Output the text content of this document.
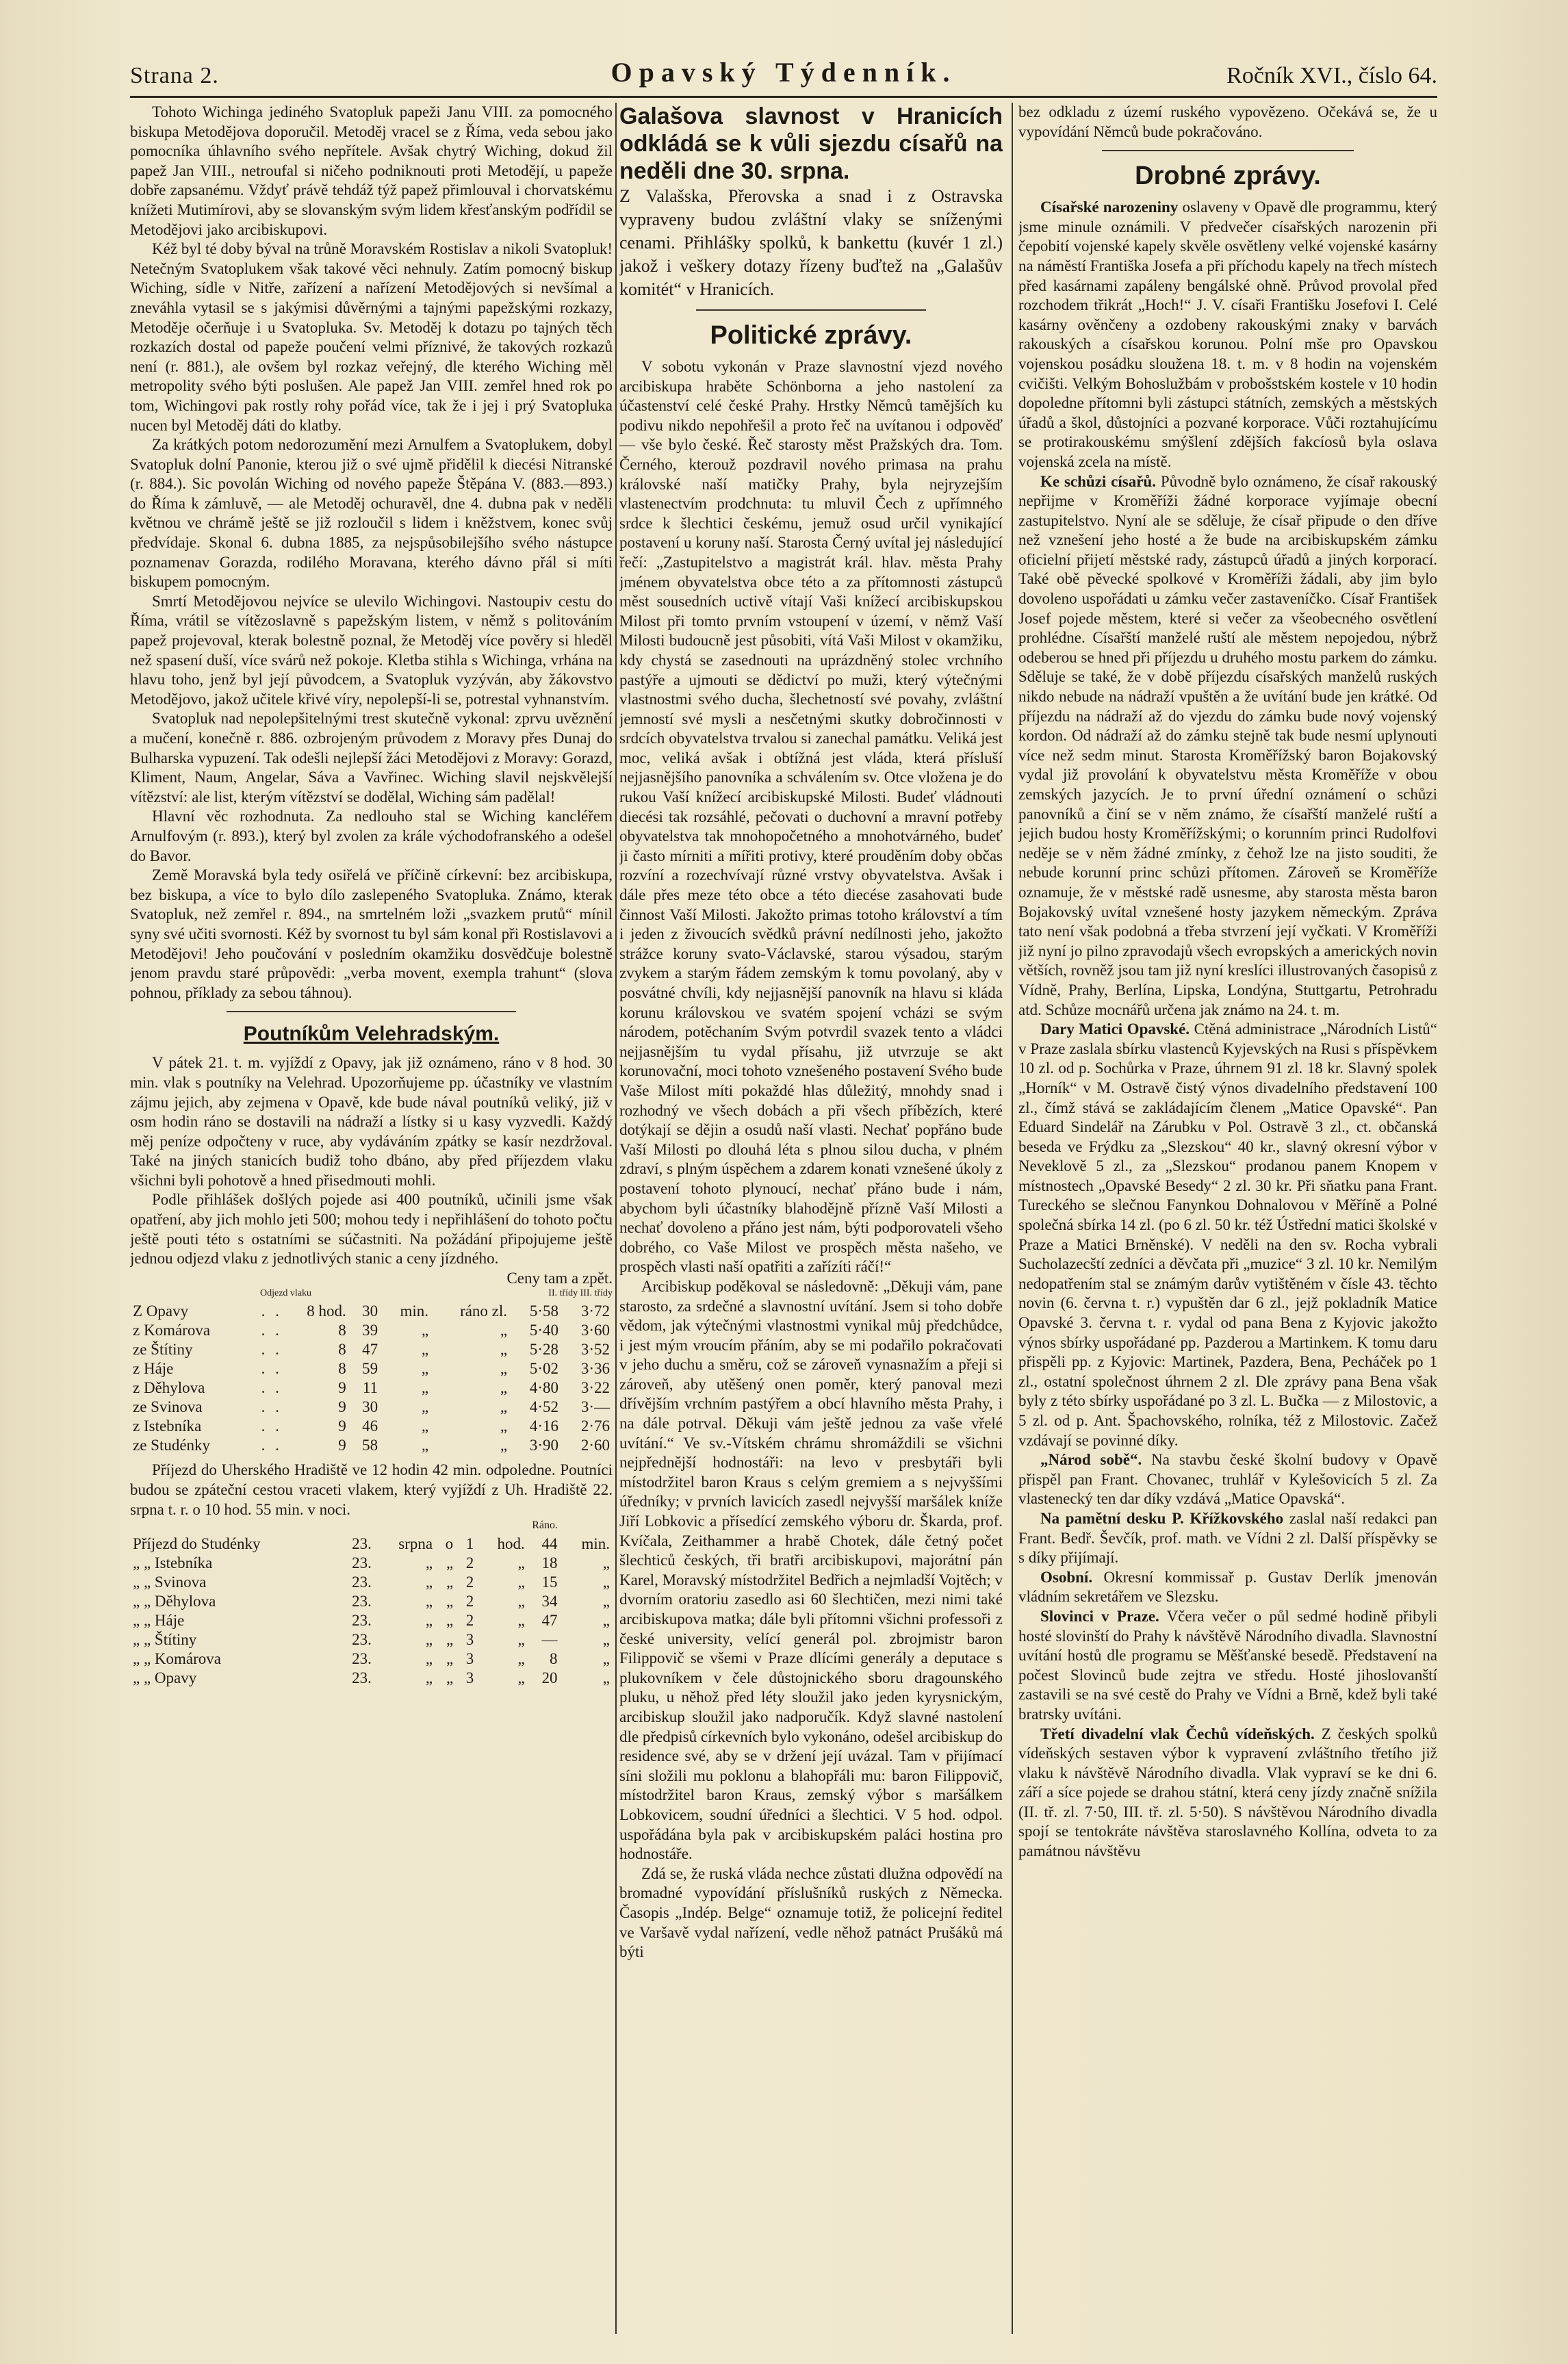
Strana 2.	Opavský Týdenník.	Ročník XVI., číslo 64.

Tohoto Wichinga jediného Svatopluk papeži Janu VIII. za pomocného biskupa Metodějova doporučil. Metoděj vracel se z Říma, veda sebou jako pomocníka úhlavního svého nepřítele. Avšak chytrý Wiching, dokud žil papež Jan VIII., netroufal si ničeho podniknouti proti Metodějí, u papeže dobře zapsanému. Vždyť právě tehdáž týž papež přimlouval i chorvatskému knížeti Mutimírovi, aby se slovanským svým lidem křesťanským podřídil se Metodějovi jako arcibiskupovi.

Kéž byl té doby býval na trůně Moravském Rostislav a nikoli Svatopluk! Netečným Svatoplukem však takové věci nehnuly. Zatím pomocný biskup Wiching, sídle v Nitře, zařízení a nařízení Metodějových si nevšímal a zneváhla vytasil se s jakýmisi důvěrnými a tajnými papežskými rozkazy, Metoděje očerňuje i u Svatopluka. Sv. Metoděj k dotazu po tajných těch rozkazích dostal od papeže poučení velmi příznivé, že takových rozkazů není (r. 881.), ale ovšem byl rozkaz veřejný, dle kterého Wiching měl metropolity svého býti poslušen. Ale papež Jan VIII. zemřel hned rok po tom, Wichingovi pak rostly rohy pořád více, tak že i jej i prý Svatopluka nucen byl Metoděj dáti do klatby.

Za krátkých potom nedorozumění mezi Arnulfem a Svatoplukem, dobyl Svatopluk dolní Panonie, kterou již o své ujmě přidělil k diecési Nitranské (r. 884.). Sic povolán Wiching od nového papeže Štěpána V. (883.—893.) do Říma k zámluvě, — ale Metoděj ochuravěl, dne 4. dubna pak v neděli květnou ve chrámě ještě se již rozloučil s lidem i kněžstvem, konec svůj předvídaje. Skonal 6. dubna 1885, za nejspůsobilejšího svého nástupce poznamenav Gorazda, rodilého Moravana, kterého dávno přál si míti biskupem pomocným.

Smrtí Metodějovou nejvíce se ulevilo Wichingovi. Nastoupiv cestu do Říma, vrátil se vítězoslavně s papežským listem, v němž s politováním papež projevoval, kterak bolestně poznal, že Metoděj více pověry si hleděl než spasení duší, více svárů než pokoje. Kletba stihla s Wichinga, vrhána na hlavu toho, jenž byl její původcem, a Svatopluk vyzýván, aby žákovstvo Metodějovo, jakož učitele křivé víry, nepolepší-li se, potrestal vyhnanstvím.

Svatopluk nad nepolepšitelnými trest skutečně vykonal: zprvu uvěznění a mučení, konečně r. 886. ozbrojeným průvodem z Moravy přes Dunaj do Bulharska vypuzení. Tak odešli nejlepší žáci Metodějovi z Moravy: Gorazd, Kliment, Naum, Angelar, Sáva a Vavřinec. Wiching slavil nejskvělejší vítězství: ale list, kterým vítězství se dodělal, Wiching sám padělal!

Hlavní věc rozhodnuta. Za nedlouho stal se Wiching kancléřem Arnulfovým (r. 893.), který byl zvolen za krále východofranského a odešel do Bavor.

Země Moravská byla tedy osiřelá ve příčině církevní: bez arcibiskupa, bez biskupa, a více to bylo dílo zaslepeného Svatopluka. Známo, kterak Svatopluk, než zemřel r. 894., na smrtelném loži „svazkem prutů“ mínil syny své učiti svornosti. Kéž by svornost tu byl sám konal při Rostislavovi a Metodějovi! Jeho poučování v posledním okamžiku dosvědčuje bolestně jenom pravdu staré průpovědi: „verba movent, exempla trahunt“ (slova pohnou, příklady za sebou táhnou).

Poutníkům Velehradským.

V pátek 21. t. m. vyjíždí z Opavy, jak již oznámeno, ráno v 8 hod. 30 min. vlak s poutníky na Velehrad. Upozorňujeme pp. účastníky ve vlastním zájmu jejich, aby zejmena v Opavě, kde bude nával poutníků veliký, již v osm hodin ráno se dostavili na nádraží a lístky si u kasy vyzvedli. Každý měj peníze odpočteny v ruce, aby vydáváním zpátky se kasír nezdržoval. Také na jiných stanicích budiž toho dbáno, aby před příjezdem vlaku všichni byli pohotově a hned přisedmouti mohli.

Podle přihlášek došlých pojede asi 400 poutníků, učinili jsme však opatření, aby jich mohlo jeti 500; mohou tedy i nepřihlášení do tohoto počtu ještě pouti této s ostatními se súčastniti. Na požádání připojujeme ještě jednou odjezd vlaku z jednotlivých stanic a ceny jízdného.

Ceny tam a zpět.
Odjezd vlaku	II. třídy III. třídy
Z Opavy	.	.	8 hod.	30	min.	ráno zl.	5·58	3·72
z Komárova	.	.	8	39	„	„	5·40	3·60
ze Štítiny	.	.	8	47	„	„	5·28	3·52
z Háje	.	.	8	59	„	„	5·02	3·36
z Děhylova	.	.	9	11	„	„	4·80	3·22
ze Svinova	.	.	9	30	„	„	4·52	3·—
z Istebníka	.	.	9	46	„	„	4·16	2·76
ze Studénky	.	.	9	58	„	„	3·90	2·60

Příjezd do Uherského Hradiště ve 12 hodin 42 min. odpoledne. Poutníci budou se zpáteční cestou vraceti vlakem, který vyjíždí z Uh. Hradiště 22. srpna t. r. o 10 hod. 55 min. v noci.

Ráno.
Příjezd do Studénky	23.	srpna	o	1	hod.	44	min.
„ „ Istebníka	23.	„	„	2	„	18	„
„ „ Svinova	23.	„	„	2	„	15	„
„ „ Děhylova	23.	„	„	2	„	34	„
„ „ Háje	23.	„	„	2	„	47	„
„ „ Štítiny	23.	„	„	3	„	—	„
„ „ Komárova	23.	„	„	3	„	8	„
„ „ Opavy	23.	„	„	3	„	20	„
Galašova slavnost v Hranicích odkládá se k vůli sjezdu císařů na neděli dne 30. srpna.

Z Valašska, Přerovska a snad i z Ostravska vypraveny budou zvláštní vlaky se sníženými cenami. Přihlášky spolků, k bankettu (kuvér 1 zl.) jakož i veškery dotazy řízeny buďtež na „Galašův komitét“ v Hranicích.

Politické zprávy.

V sobotu vykonán v Praze slavnostní vjezd nového arcibiskupa hraběte Schönborna a jeho nastolení za účastenství celé české Prahy. Hrstky Němců tamějších ku podivu nikdo nepohřešil a proto řeč na uvítanou i odpověď — vše bylo české. Řeč starosty měst Pražských dra. Tom. Černého, kterouž pozdravil nového primasa na prahu královské naší matičky Prahy, byla nejryzejším vlastenectvím prodchnuta: tu mluvil Čech z upřímného srdce k šlechtici českému, jemuž osud určil vynikající postavení u koruny naší. Starosta Černý uvítal jej následující řečí: „Zastupitelstvo a magistrát král. hlav. města Prahy jménem obyvatelstva obce této a za přítomnosti zástupců měst sousedních uctivě vítají Vaši knížecí arcibiskupskou Milost při tomto prvním vstoupení v území, v němž Vaší Milosti budoucně jest působiti, vítá Vaši Milost v okamžiku, kdy chystá se zasednouti na uprázdněný stolec vrchního pastýře a ujmouti se dědictví po muži, který výtečnými vlastnostmi svého ducha, šlechetností své povahy, zvláštní jemností své mysli a nesčetnými skutky dobročinnosti v srdcích obyvatelstva trvalou si zanechal památku. Veliká jest moc, veliká avšak i obtížná jest vláda, která přísluší nejjasnějšího panovníka a schválením sv. Otce vložena je do rukou Vaší knížecí arcibiskupské Milosti. Budeť vládnouti diecési tak rozsáhlé, pečovati o duchovní a mravní potřeby obyvatelstva tak mnohopočetného a mnohotvárného, budeť ji často mírniti a mířiti protivy, které prouděním doby občas rozvíní a rozechvívají různé vrstvy obyvatelstva. Avšak i dále přes meze této obce a této diecése zasahovati bude činnost Vaší Milosti. Jakožto primas totoho království a tím i jeden z živoucích svědků právní nedílnosti jeho, jakožto strážce koruny svato-Václavské, starou výsadou, starým zvykem a starým řádem zemským k tomu povolaný, aby v posvátné chvíli, kdy nejjasnější panovník na hlavu si kláda korunu královskou ve svatém spojení vcházi se svým národem, potěchaním Svým potvrdil svazek tento a vládci nejjasnějším tu vydal přísahu, již utvrzuje se akt korunovační, moci tohoto vznešeného postavení Svého bude Vaše Milost míti pokaždé hlas důležitý, mnohdy snad i rozhodný ve všech dobách a při všech příbězích, které dotýkají se dějin a osudů naší vlasti. Nechať popřáno bude Vaší Milosti po dlouhá léta s plnou silou ducha, v plném zdraví, s plným úspěchem a zdarem konati vznešené úkoly z postavení tohoto plynoucí, nechať přáno bude i nám, abychom byli účastníky blahodějně přízně Vaší Milosti a nechať dovoleno a přáno jest nám, býti podporovateli všeho dobrého, co Vaše Milost ve prospěch města našeho, ve prospěch vlasti naší opatřiti a zařízíti ráčí!“

Arcibiskup poděkoval se následovně: „Děkuji vám, pane starosto, za srdečné a slavnostní uvítání. Jsem si toho dobře vědom, jak výtečnými vlastnostmi vynikal můj předchůdce, i jest mým vroucím přáním, aby se mi podařilo pokračovati v jeho duchu a směru, což se zároveň vynasnažím a přeji si zároveň, aby utěšený onen poměr, který panoval mezi dřívějším vrchním pastýřem a obcí hlavního města Prahy, i na dále potrval. Děkuji vám ještě jednou za vaše vřelé uvítání.“ Ve sv.-Vítském chrámu shromáždili se všichni nejpřednější hodnostáři: na levo v presbytáři byli místodržitel baron Kraus s celým gremiem a s nejvyššími úředníky; v prvních lavicích zasedl nejvyšší maršálek kníže Jiří Lobkovic a přísedící zemského výboru dr. Škarda, prof. Kvíčala, Zeithammer a hrabě Chotek, dále četný počet šlechticů českých, tři bratři arcibiskupovi, majorátní pán Karel, Moravský místodržitel Bedřich a nejmladší Vojtěch; v dvorním oratoriu zasedlo asi 60 šlechtičen, mezi nimi také arcibiskupova matka; dále byli přítomni všichni professoři z české university, velící generál pol. zbrojmistr baron Filippovič se všemi v Praze dlícími generály a deputace s plukovníkem v čele důstojnického sboru dragounského pluku, u něhož před léty sloužil jako jeden kyrysnickým, arcibiskup sloužil jako nadporučík. Když slavné nastolení dle předpisů církevních bylo vykonáno, odešel arcibiskup do residence své, aby se v držení její uvázal. Tam v přijímací síni složili mu poklonu a blahopřáli mu: baron Filippovič, místodržitel baron Kraus, zemský výbor s maršálkem Lobkovicem, soudní úředníci a šlechtici. V 5 hod. odpol. uspořádána byla pak v arcibiskupském paláci hostina pro hodnostáře.

Zdá se, že ruská vláda nechce zůstati dlužna odpovědí na bromadné vypovídání příslušníků ruských z Německa. Časopis „Indép. Belge“ oznamuje totiž, že policejní ředitel ve Varšavě vydal nařízení, vedle něhož patnáct Prušáků má býti

bez odkladu z území ruského vypovězeno. Očekává se, že u vypovídání Němců bude pokračováno.

Drobné zprávy.

Císařské narozeniny oslaveny v Opavě dle programmu, který jsme minule oznámili. V předvečer císařských narozenin při čepobití vojenské kapely skvěle osvětleny velké vojenské kasárny na náměstí Františka Josefa a při příchodu kapely na třech místech před kasárnami zapáleny bengálské ohně. Průvod provolal před rozchodem třikrát „Hoch!“ J. V. císaři Františku Josefovi I. Celé kasárny ověnčeny a ozdobeny rakouskými znaky v barvách rakouských a císařskou korunou. Polní mše pro Opavskou vojenskou posádku sloužena 18. t. m. v 8 hodin na vojenském cvičišti. Velkým Bohoslužbám v probošstském kostele v 10 hodin dopoledne přítomni byli zástupci státních, zemských a městských úřadů a škol, důstojníci a pozvané korporace. Vůči roztahujícímu se protirakouskému smýšlení zdějších fakcíosů byla oslava vojenská zcela na místě.

Ke schůzi císařů. Původně bylo oznámeno, že císař rakouský nepřijme v Kroměříži žádné korporace vyjímaje obecní zastupitelstvo. Nyní ale se sděluje, že císař připude o den dříve než vznešení jeho hosté a že bude na arcibiskupském zámku oficielní přijetí městské rady, zástupců úřadů a jiných korporací. Také obě pěvecké spolkové v Kroměříži žádali, aby jim bylo dovoleno uspořádati u zámku večer zastaveníčko. Císař František Josef pojede městem, které si večer za všeobecného osvětlení prohlédne. Císařští manželé ruští ale městem nepojedou, nýbrž odeberou se hned při příjezdu u druhého mostu parkem do zámku. Sděluje se také, že v době příjezdu císařských manželů ruských nikdo nebude na nádraží vpuštěn a že uvítání bude jen krátké. Od příjezdu na nádraží až do vjezdu do zámku bude nový vojenský kordon. Od nádraží až do zámku stejně tak bude nesmí uplynouti více než sedm minut. Starosta Kroměřížský baron Bojakovský vydal již provolání k obyvatelstvu města Kroměříže v obou zemských jazycích. Je to první úřední oznámení o schůzi panovníků a činí se v něm známo, že císařští manželé ruští a jejich budou hosty Kroměřížskými; o korunním princi Rudolfovi neděje se v něm žádné zmínky, z čehož lze na jisto souditi, že nebude korunní princ schůzi přítomen. Zároveň se Kroměříže oznamuje, že v městské radě usnesme, aby starosta města baron Bojakovský uvítal vznešené hosty jazykem německým. Zpráva tato není však podobná a třeba stvrzení její vyčkati. V Kroměříži již nyní jo pilno zpravodajů všech evropských a amerických novin větších, rovněž jsou tam již nyní kreslíci illustrovaných časopisů z Vídně, Prahy, Berlína, Lipska, Londýna, Stuttgartu, Petrohradu atd. Schůze mocnářů určena jak známo na 24. t. m.

Dary Matici Opavské. Ctěná administrace „Národních Listů“ v Praze zaslala sbírku vlastenců Kyjevských na Rusi s příspěvkem 10 zl. od p. Sochůrka v Praze, úhrnem 91 zl. 18 kr. Slavný spolek „Horník“ v M. Ostravě čistý výnos divadelního představení 100 zl., čímž stává se zakládajícím členem „Matice Opavské“. Pan Eduard Sindelář na Zárubku v Pol. Ostravě 3 zl., ct. občanská beseda ve Frýdku za „Slezskou“ 40 kr., slavný okresní výbor v Neveklově 5 zl., za „Slezskou“ prodanou panem Knopem v místnostech „Opavské Besedy“ 2 zl. 30 kr. Při sňatku pana Frant. Tureckého se slečnou Fanynkou Dohnalovou v Měříně a Polné společná sbírka 14 zl. (po 6 zl. 50 kr. též Ústřední matici školské v Praze a Matici Brněnské). V neděli na den sv. Rocha vybrali Sucholazecští zedníci a děvčata při „muzice“ 3 zl. 10 kr. Nemilým nedopatřením stal se známým darův vytištěném v čísle 43. těchto novin (6. června t. r.) vypuštěn dar 6 zl., jejž pokladník Matice Opavské 3. června t. r. vydal od pana Bena z Kyjovic jakožto výnos sbírky uspořádané pp. Pazderou a Martinkem. K tomu daru přispěli pp. z Kyjovic: Martinek, Pazdera, Bena, Pecháček po 1 zl., ostatní společnost úhrnem 2 zl. Dle zprávy pana Bena však byly z této sbírky uspořádané po 3 zl. L. Bučka — z Milostovic, a 5 zl. od p. Ant. Špachovského, rolníka, též z Milostovic. Začež vzdávají se povinné díky.

„Národ sobě“. Na stavbu české školní budovy v Opavě přispěl pan Frant. Chovanec, truhlář v Kylešovicích 5 zl. Za vlastenecký ten dar díky vzdává „Matice Opavská“.

Na pamětní desku P. Křížkovského zaslal naší redakci pan Frant. Bedř. Ševčík, prof. math. ve Vídni 2 zl. Další příspěvky se s díky přijímají.

Osobní. Okresní kommissař p. Gustav Derlík jmenován vládním sekretářem ve Slezsku.

Slovinci v Praze. Včera večer o půl sedmé hodině přibyli hosté slovinští do Prahy k návštěvě Národního divadla. Slavnostní uvítání hostů dle programu se Měšťanské besedě. Představení na počest Slovinců bude zejtra ve středu. Hosté jihoslovanští zastavili se na své cestě do Prahy ve Vídni a Brně, kdež byli také bratrsky uvítáni.

Třetí divadelní vlak Čechů vídeňských. Z českých spolků vídeňských sestaven výbor k vypravení zvláštního třetího již vlaku k návštěvě Národního divadla. Vlak vypraví se ke dni 6. září a síce pojede se drahou státní, která ceny jízdy značně snížila (II. tř. zl. 7·50, III. tř. zl. 5·50). S návštěvou Národního divadla spojí se tentokráte návštěva staroslavného Kollína, odveta to za památnou návštěvu
